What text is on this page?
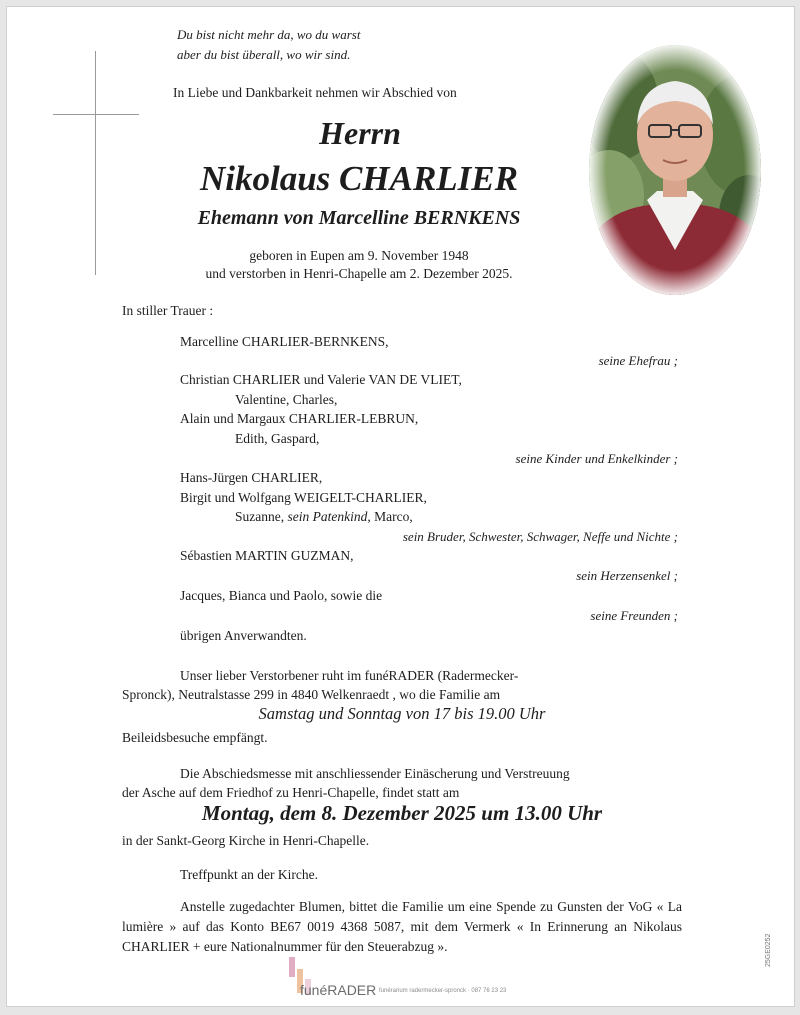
Du bist nicht mehr da, wo du warst
aber du bist überall, wo wir sind.
In Liebe und Dankbarkeit nehmen wir Abschied von
Herrn
Nikolaus CHARLIER
Ehemann von Marcelline BERNKENS
geboren in Eupen am 9. November 1948
und verstorben in Henri-Chapelle am 2. Dezember 2025.
In stiller Trauer :
Marcelline CHARLIER-BERNKENS,
seine Ehefrau ;
Christian CHARLIER und Valerie VAN DE VLIET,
Valentine, Charles,
Alain und Margaux CHARLIER-LEBRUN,
Edith, Gaspard,
seine Kinder und Enkelkinder ;
Hans-Jürgen CHARLIER,
Birgit und Wolfgang WEIGELT-CHARLIER,
Suzanne, sein Patenkind, Marco,
sein Bruder, Schwester, Schwager, Neffe und Nichte ;
Sébastien MARTIN GUZMAN,
sein Herzensenkel ;
Jacques, Bianca und Paolo, sowie die
seine Freunden ;
übrigen Anverwandten.
Unser lieber Verstorbener ruht im funéRADER (Radermecker-
Spronck), Neutralstasse 299 in 4840 Welkenraedt , wo die Familie am
Samstag und Sonntag von 17 bis 19.00 Uhr
Beileidsbesuche empfängt.
Die Abschiedsmesse mit anschliessender Einäscherung und Verstreuung
der Asche auf dem Friedhof zu Henri-Chapelle, findet statt am
Montag, dem 8. Dezember 2025 um 13.00 Uhr
in der Sankt-Georg Kirche in Henri-Chapelle.
Treffpunkt an der Kirche.
Anstelle zugedachter Blumen, bittet die Familie um eine Spende zu Gunsten der VoG « La lumière » auf das Konto BE67 0019 4368 5087, mit dem Vermerk « In Erinnerung an Nikolaus CHARLIER + eure Nationalnummer für den Steuerabzug ».
funéRADER funérarium radermecker-spronck · 087 76 23 23
25GE0252
